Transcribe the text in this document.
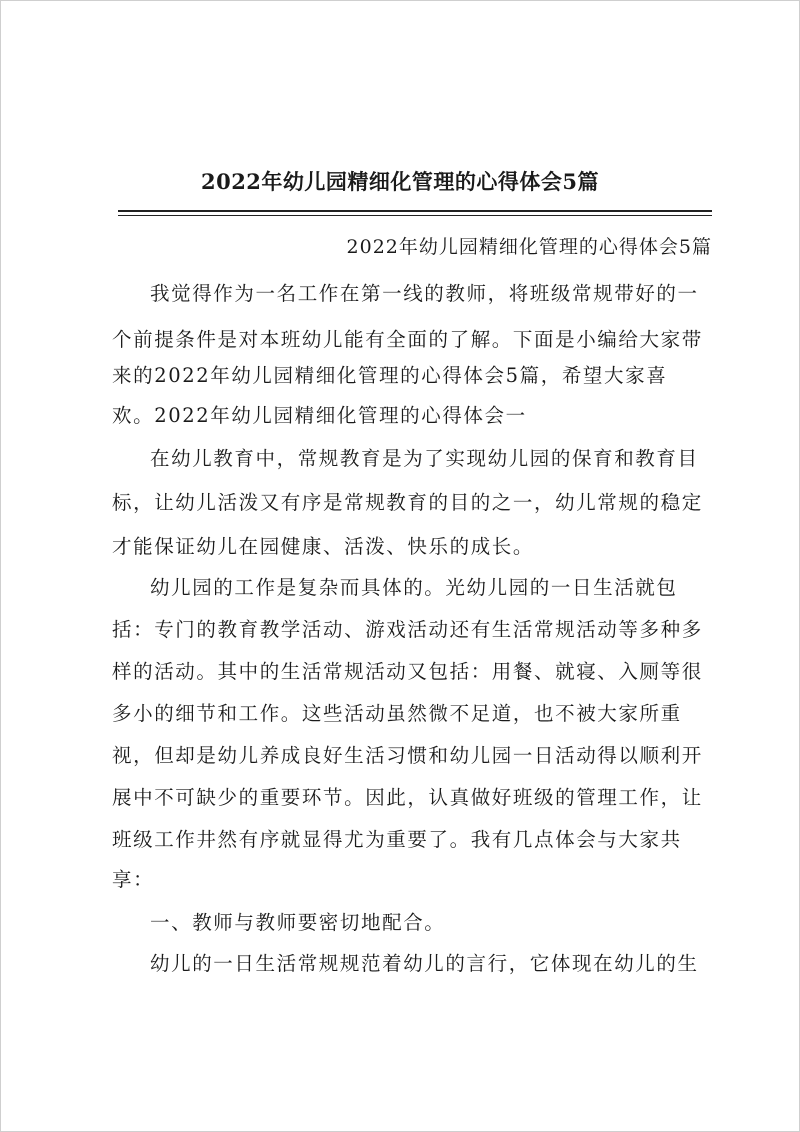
2022年幼儿园精细化管理的心得体会5篇
2022年幼儿园精细化管理的心得体会5篇
我觉得作为一名工作在第一线的教师，将班级常规带好的一
个前提条件是对本班幼儿能有全面的了解。下面是小编给大家带
来的2022年幼儿园精细化管理的心得体会5篇，希望大家喜
欢。2022年幼儿园精细化管理的心得体会一
在幼儿教育中，常规教育是为了实现幼儿园的保育和教育目
标，让幼儿活泼又有序是常规教育的目的之一，幼儿常规的稳定
才能保证幼儿在园健康、活泼、快乐的成长。
幼儿园的工作是复杂而具体的。光幼儿园的一日生活就包
括：专门的教育教学活动、游戏活动还有生活常规活动等多种多
样的活动。其中的生活常规活动又包括：用餐、就寝、入厕等很
多小的细节和工作。这些活动虽然微不足道，也不被大家所重
视，但却是幼儿养成良好生活习惯和幼儿园一日活动得以顺利开
展中不可缺少的重要环节。因此，认真做好班级的管理工作，让
班级工作井然有序就显得尤为重要了。我有几点体会与大家共
享：
一、教师与教师要密切地配合。
幼儿的一日生活常规规范着幼儿的言行，它体现在幼儿的生
